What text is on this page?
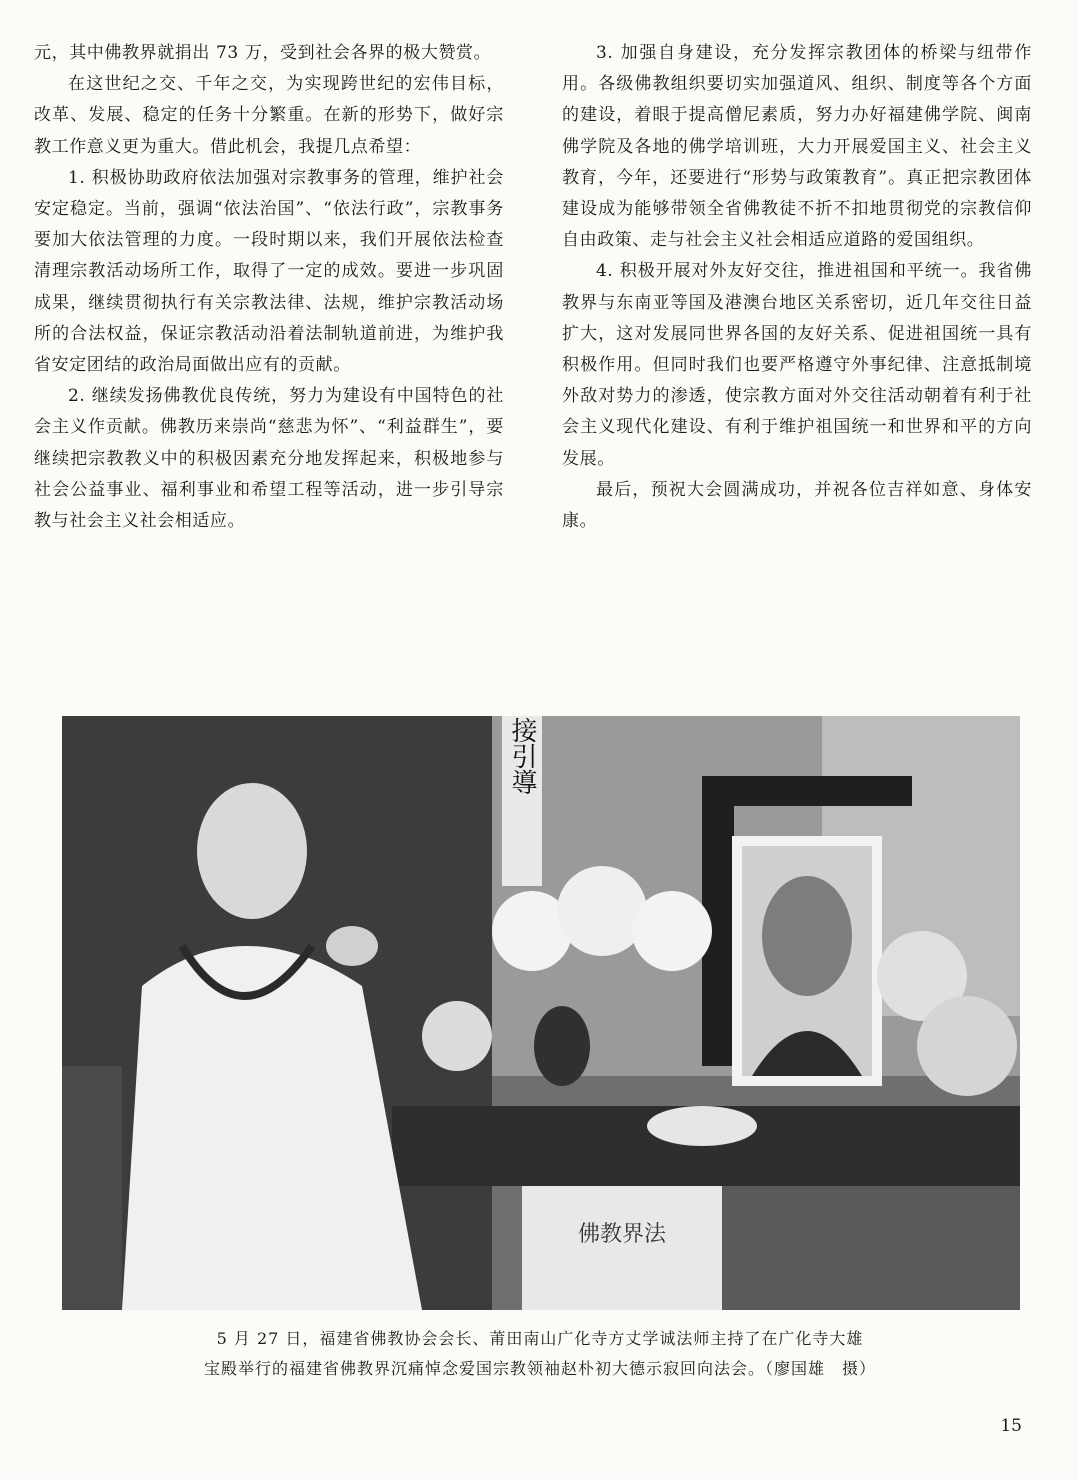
元，其中佛教界就捐出 73 万，受到社会各界的极大赞赏。

在这世纪之交、千年之交，为实现跨世纪的宏伟目标，改革、发展、稳定的任务十分繁重。在新的形势下，做好宗教工作意义更为重大。借此机会，我提几点希望：

1. 积极协助政府依法加强对宗教事务的管理，维护社会安定稳定。当前，强调“依法治国”、“依法行政”，宗教事务要加大依法管理的力度。一段时期以来，我们开展依法检查清理宗教活动场所工作，取得了一定的成效。要进一步巩固成果，继续贯彻执行有关宗教法律、法规，维护宗教活动场所的合法权益，保证宗教活动沿着法制轨道前进，为维护我省安定团结的政治局面做出应有的贡献。

2. 继续发扬佛教优良传统，努力为建设有中国特色的社会主义作贡献。佛教历来崇尚“慈悲为怀”、“利益群生”，要继续把宗教教义中的积极因素充分地发挥起来，积极地参与社会公益事业、福利事业和希望工程等活动，进一步引导宗教与社会主义社会相适应。

3. 加强自身建设，充分发挥宗教团体的桥梁与纽带作用。各级佛教组织要切实加强道风、组织、制度等各个方面的建设，着眼于提高僧尼素质，努力办好福建佛学院、闽南佛学院及各地的佛学培训班，大力开展爱国主义、社会主义教育，今年，还要进行“形势与政策教育”。真正把宗教团体建设成为能够带领全省佛教徒不折不扣地贯彻党的宗教信仰自由政策、走与社会主义社会相适应道路的爱国组织。

4. 积极开展对外友好交往，推进祖国和平统一。我省佛教界与东南亚等国及港澳台地区关系密切，近几年交往日益扩大，这对发展同世界各国的友好关系、促进祖国统一具有积极作用。但同时我们也要严格遵守外事纪律、注意抵制境外敌对势力的渗透，使宗教方面对外交往活动朝着有利于社会主义现代化建设、有利于维护祖国统一和世界和平的方向发展。

最后，预祝大会圆满成功，并祝各位吉祥如意、身体安康。

接引導
佛教界法

5 月 27 日，福建省佛教协会会长、莆田南山广化寺方丈学诚法师主持了在广化寺大雄

宝殿举行的福建省佛教界沉痛悼念爱国宗教领袖赵朴初大德示寂回向法会。（廖国雄　摄）

15
